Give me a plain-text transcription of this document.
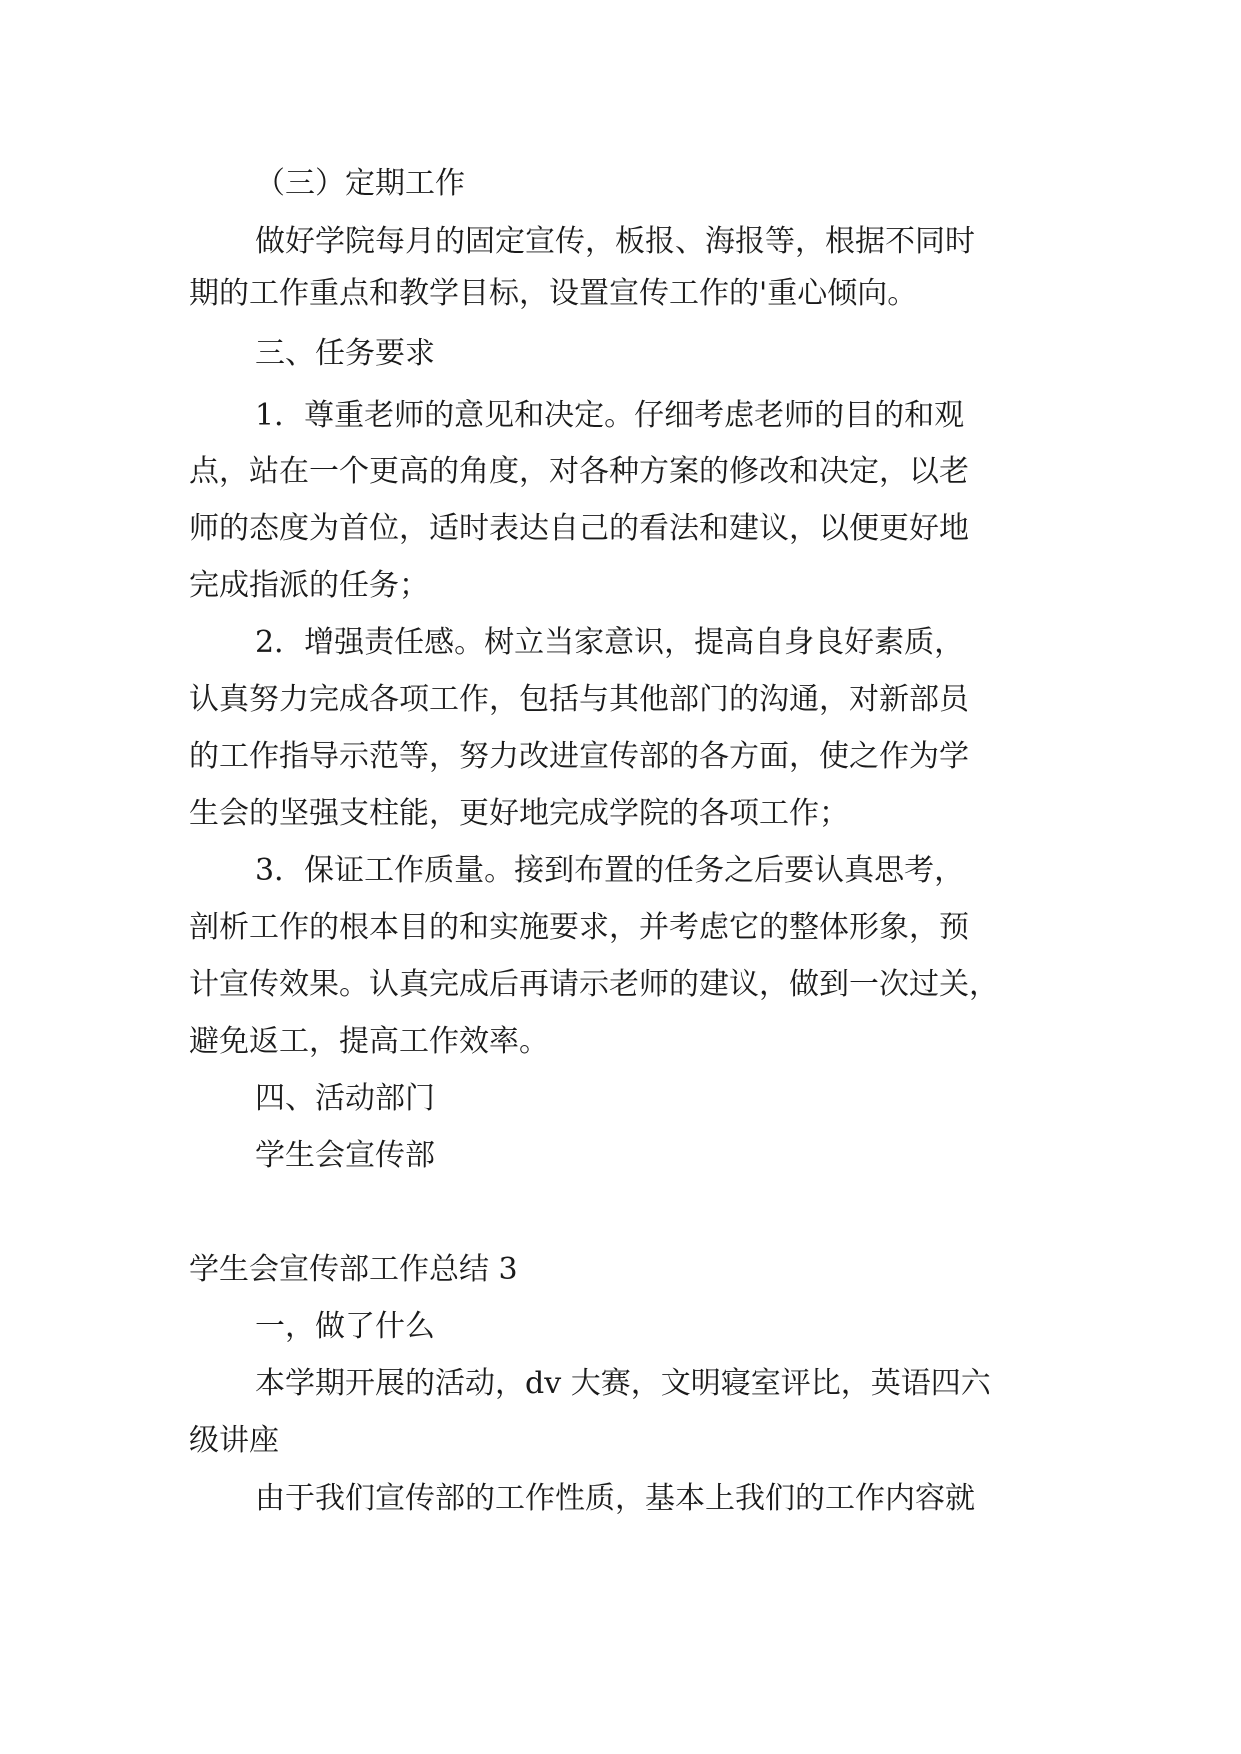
（三）定期工作
做好学院每月的固定宣传，板报、海报等，根据不同时
期的工作重点和教学目标，设置宣传工作的'重心倾向。
三、任务要求
1．尊重老师的意见和决定。仔细考虑老师的目的和观
点，站在一个更高的角度，对各种方案的修改和决定，以老
师的态度为首位，适时表达自己的看法和建议，以便更好地
完成指派的任务；
2．增强责任感。树立当家意识，提高自身良好素质，
认真努力完成各项工作，包括与其他部门的沟通，对新部员
的工作指导示范等，努力改进宣传部的各方面，使之作为学
生会的坚强支柱能，更好地完成学院的各项工作；
3．保证工作质量。接到布置的任务之后要认真思考，
剖析工作的根本目的和实施要求，并考虑它的整体形象，预
计宣传效果。认真完成后再请示老师的建议，做到一次过关，
避免返工，提高工作效率。
四、活动部门
学生会宣传部
学生会宣传部工作总结 3
一，做了什么
本学期开展的活动，dv 大赛，文明寝室评比，英语四六
级讲座
由于我们宣传部的工作性质，基本上我们的工作内容就
